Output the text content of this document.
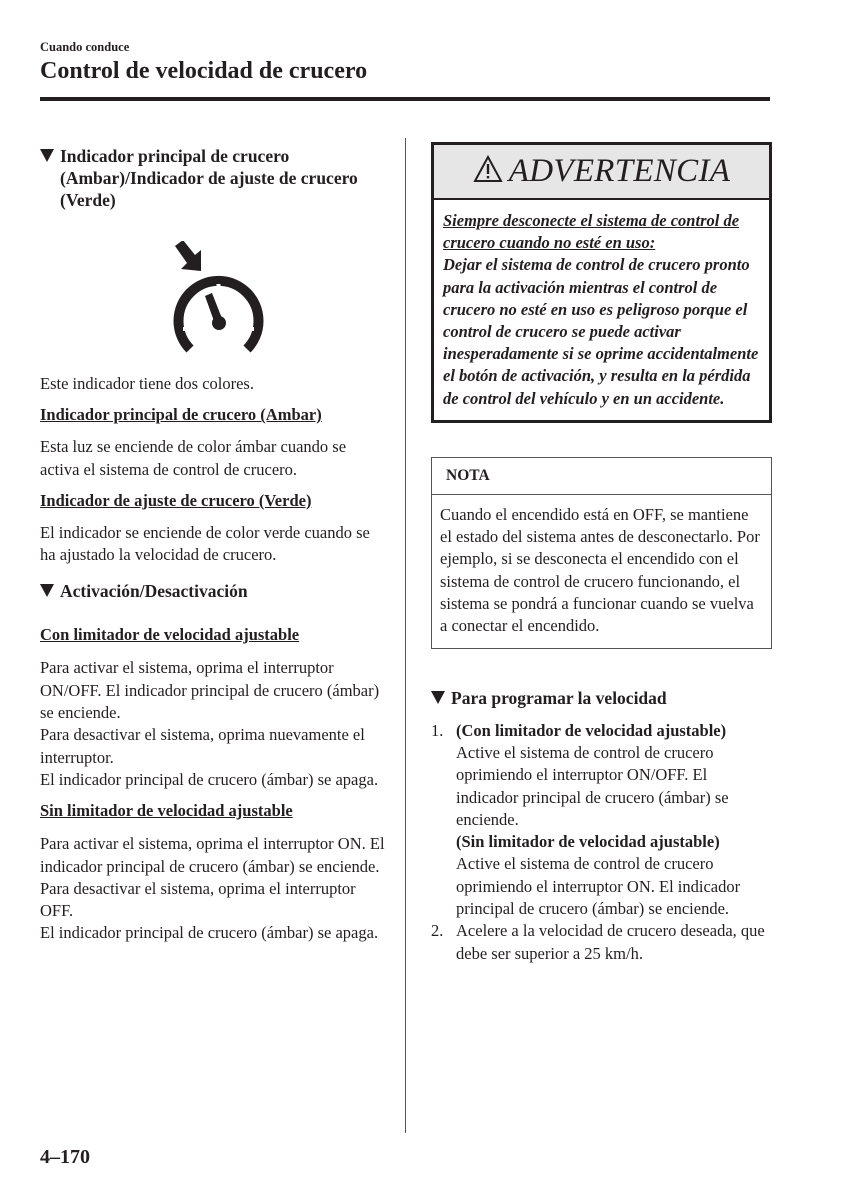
Cuando conduce
Control de velocidad de crucero
Indicador principal de crucero (Ambar)/Indicador de ajuste de crucero (Verde)

Este indicador tiene dos colores.

Indicador principal de crucero (Ambar)

Esta luz se enciende de color ámbar cuando se activa el sistema de control de crucero.

Indicador de ajuste de crucero (Verde)

El indicador se enciende de color verde cuando se ha ajustado la velocidad de crucero.

Activación/Desactivación
Con limitador de velocidad ajustable

Para activar el sistema, oprima el interruptor ON/OFF. El indicador principal de crucero (ámbar) se enciende.

Para desactivar el sistema, oprima nuevamente el interruptor.

El indicador principal de crucero (ámbar) se apaga.

Sin limitador de velocidad ajustable

Para activar el sistema, oprima el interruptor ON. El indicador principal de crucero (ámbar) se enciende.

Para desactivar el sistema, oprima el interruptor OFF.

El indicador principal de crucero (ámbar) se apaga.

ADVERTENCIA
Siempre desconecte el sistema de control de crucero cuando no esté en uso:
Dejar el sistema de control de crucero pronto para la activación mientras el control de crucero no esté en uso es peligroso porque el control de crucero se puede activar inesperadamente si se oprime accidentalmente el botón de activación, y resulta en la pérdida de control del vehículo y en un accidente.
NOTA
Cuando el encendido está en OFF, se mantiene el estado del sistema antes de desconectarlo. Por ejemplo, si se desconecta el encendido con el sistema de control de crucero funcionando, el sistema se pondrá a funcionar cuando se vuelva a conectar el encendido.
Para programar la velocidad
1. (Con limitador de velocidad ajustable)
Active el sistema de control de crucero oprimiendo el interruptor ON/OFF. El indicador principal de crucero (ámbar) se enciende.
(Sin limitador de velocidad ajustable)
Active el sistema de control de crucero oprimiendo el interruptor ON. El indicador principal de crucero (ámbar) se enciende.
2. Acelere a la velocidad de crucero deseada, que debe ser superior a 25 km/h.
4–170
